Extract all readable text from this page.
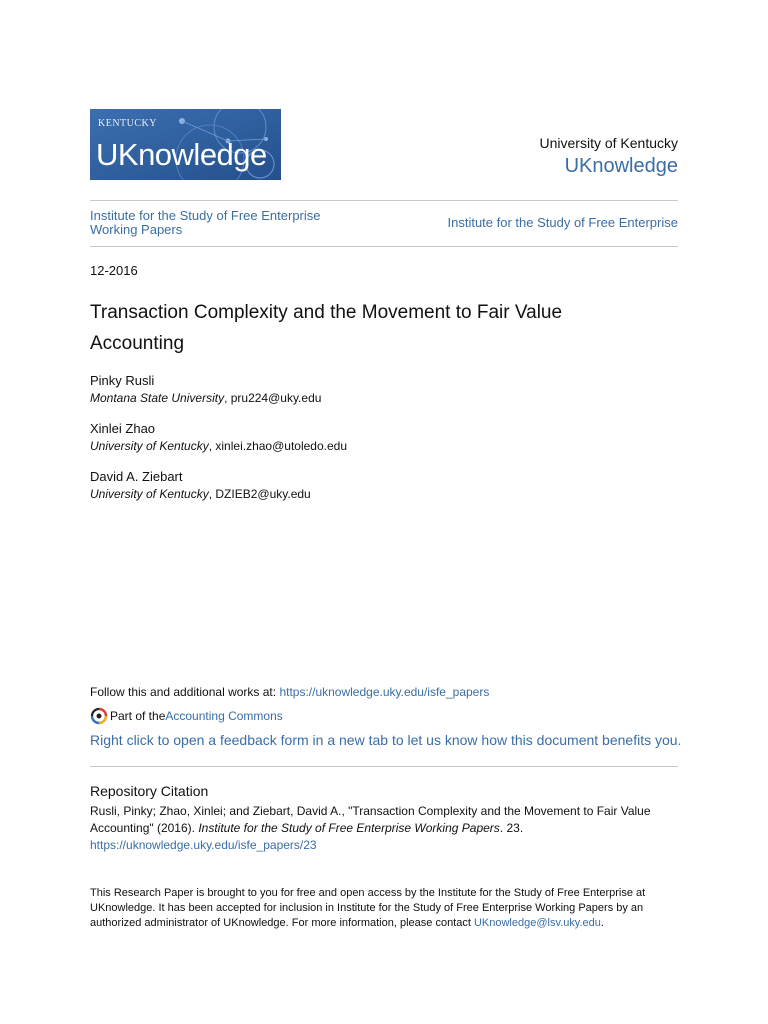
KENTUCKY
UKnowledge	University of Kentucky
UKnowledge
Institute for the Study of Free Enterprise
Working Papers	Institute for the Study of Free Enterprise
12-2016
Transaction Complexity and the Movement to Fair Value
Accounting
Pinky Rusli
Montana State University, pru224@uky.edu
Xinlei Zhao
University of Kentucky, xinlei.zhao@utoledo.edu
David A. Ziebart
University of Kentucky, DZIEB2@uky.edu
Follow this and additional works at: https://uknowledge.uky.edu/isfe_papers
Part of the Accounting Commons
Right click to open a feedback form in a new tab to let us know how this document benefits you.
Repository Citation
Rusli, Pinky; Zhao, Xinlei; and Ziebart, David A., "Transaction Complexity and the Movement to Fair Value
Accounting" (2016). Institute for the Study of Free Enterprise Working Papers. 23.
https://uknowledge.uky.edu/isfe_papers/23
This Research Paper is brought to you for free and open access by the Institute for the Study of Free Enterprise at
UKnowledge. It has been accepted for inclusion in Institute for the Study of Free Enterprise Working Papers by an
authorized administrator of UKnowledge. For more information, please contact UKnowledge@lsv.uky.edu.
